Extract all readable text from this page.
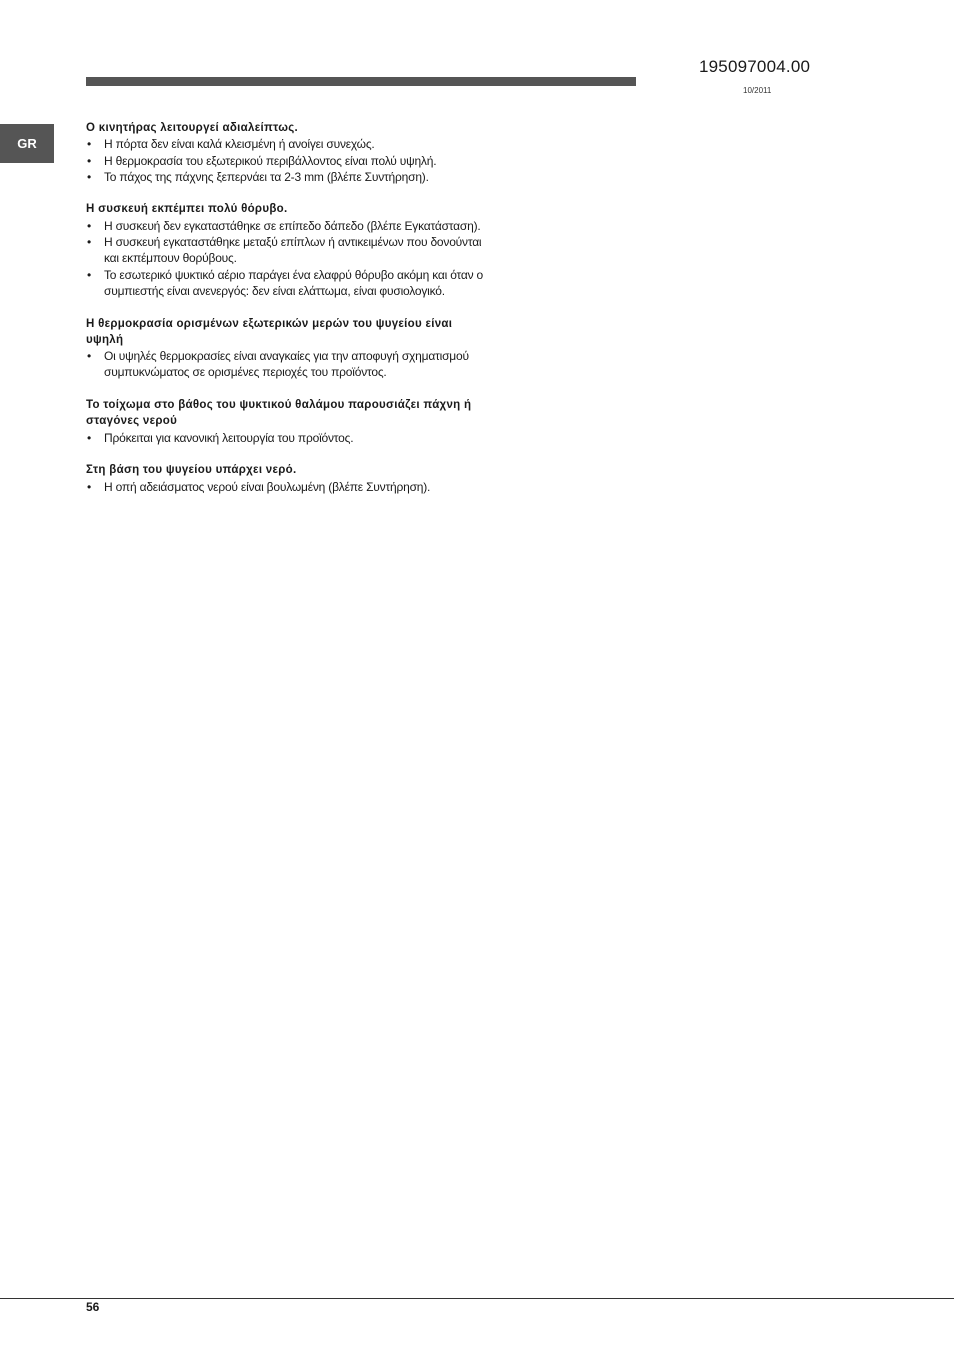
195097004.00
10/2011
GR

Ο κινητήρας λειτουργεί αδιαλείπτως.

• Η πόρτα δεν είναι καλά κλεισμένη ή ανοίγει συνεχώς.
• Η θερμοκρασία του εξωτερικού περιβάλλοντος είναι πολύ υψηλή.
• Το πάχος της πάχνης ξεπερνάει τα 2-3 mm (βλέπε Συντήρηση).

Η συσκευή εκπέμπει πολύ θόρυβο.

• Η συσκευή δεν εγκαταστάθηκε σε επίπεδο δάπεδο (βλέπε Εγκατάσταση).
• Η συσκευή εγκαταστάθηκε μεταξύ επίπλων ή αντικειμένων που δονούνται και εκπέμπουν θορύβους.
• Το εσωτερικό ψυκτικό αέριο παράγει ένα ελαφρύ θόρυβο ακόμη και όταν ο συμπιεστής είναι ανενεργός: δεν είναι ελάττωμα, είναι φυσιολογικό.

Η θερμοκρασία ορισμένων εξωτερικών μερών του ψυγείου είναι υψηλή

• Οι υψηλές θερμοκρασίες είναι αναγκαίες για την αποφυγή σχηματισμού συμπυκνώματος σε ορισμένες περιοχές του προϊόντος.

Το τοίχωμα στο βάθος του ψυκτικού θαλάμου παρουσιάζει πάχνη ή σταγόνες νερού

• Πρόκειται για κανονική λειτουργία του προϊόντος.

Στη βάση του ψυγείου υπάρχει νερό.

• Η οπή αδειάσματος νερού είναι βουλωμένη (βλέπε Συντήρηση).
56
